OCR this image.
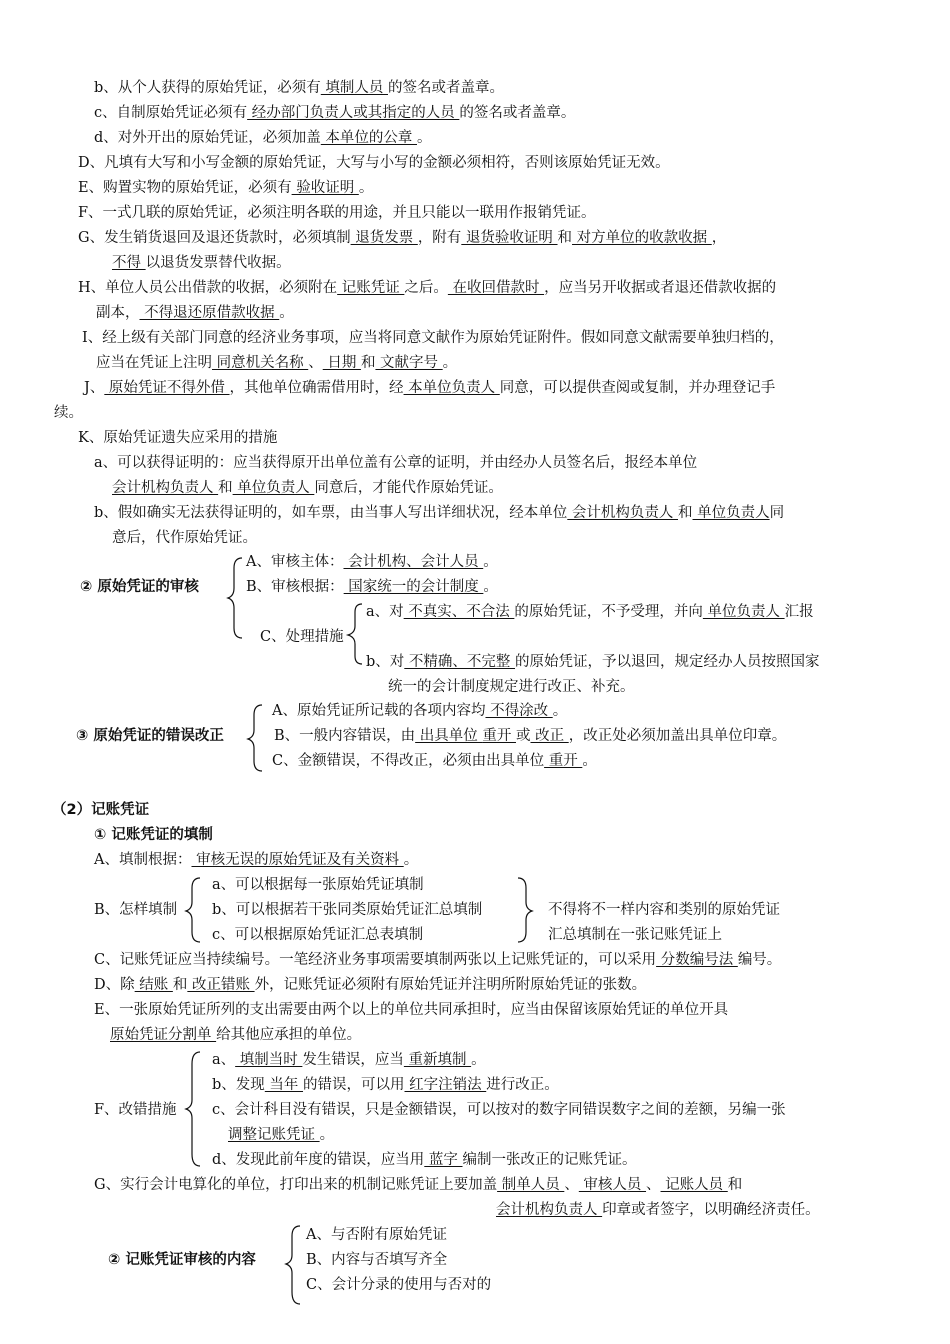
b、从个人获得的原始凭证，必须有 填制人员 的签名或者盖章。
c、自制原始凭证必须有 经办部门负责人或其指定的人员 的签名或者盖章。
d、对外开出的原始凭证，必须加盖 本单位的公章 。
D、凡填有大写和小写金额的原始凭证，大写与小写的金额必须相符，否则该原始凭证无效。
E、购置实物的原始凭证，必须有 验收证明 。
F、一式几联的原始凭证，必须注明各联的用途，并且只能以一联用作报销凭证。
G、发生销货退回及退还货款时，必须填制 退货发票 ，附有 退货验收证明 和 对方单位的收款收据 ，
不得 以退货发票替代收据。
H、单位人员公出借款的收据，必须附在 记账凭证 之后。 在收回借款时 ，应当另开收据或者退还借款收据的
副本， 不得退还原借款收据 。
I、经上级有关部门同意的经济业务事项，应当将同意文献作为原始凭证附件。假如同意文献需要单独归档的，
应当在凭证上注明 同意机关名称 、 日期 和 文献字号 。
J、 原始凭证不得外借 ，其他单位确需借用时，经 本单位负责人 同意，可以提供查阅或复制，并办理登记手
续。
K、原始凭证遗失应采用的措施
a、可以获得证明的：应当获得原开出单位盖有公章的证明，并由经办人员签名后，报经本单位
会计机构负责人 和 单位负责人 同意后，才能代作原始凭证。
b、假如确实无法获得证明的，如车票，由当事人写出详细状况，经本单位 会计机构负责人 和 单位负责人同
意后，代作原始凭证。
② 原始凭证的审核
A、审核主体： 会计机构、会计人员 。
B、审核根据： 国家统一的会计制度 。
C、处理措施
a、对 不真实、不合法 的原始凭证，不予受理，并向 单位负责人 汇报
b、对 不精确、不完整 的原始凭证，予以退回，规定经办人员按照国家
统一的会计制度规定进行改正、补充。
③ 原始凭证的错误改正
A、原始凭证所记载的各项内容均 不得涂改 。
B、一般内容错误，由 出具单位 重开 或 改正 ，改正处必须加盖出具单位印章。
C、金额错误，不得改正，必须由出具单位 重开 。
（2）记账凭证
① 记账凭证的填制
A、填制根据： 审核无误的原始凭证及有关资料 。
B、怎样填制
a、可以根据每一张原始凭证填制
b、可以根据若干张同类原始凭证汇总填制
c、可以根据原始凭证汇总表填制
不得将不一样内容和类别的原始凭证
汇总填制在一张记账凭证上
C、记账凭证应当持续编号。一笔经济业务事项需要填制两张以上记账凭证的，可以采用 分数编号法 编号。
D、除 结账 和 改正错账 外，记账凭证必须附有原始凭证并注明所附原始凭证的张数。
E、一张原始凭证所列的支出需要由两个以上的单位共同承担时，应当由保留该原始凭证的单位开具
原始凭证分割单 给其他应承担的单位。
F、改错措施
a、 填制当时 发生错误，应当 重新填制 。
b、发现 当年 的错误，可以用 红字注销法 进行改正。
c、会计科目没有错误，只是金额错误，可以按对的数字同错误数字之间的差额，另编一张
调整记账凭证 。
d、发现此前年度的错误，应当用 蓝字 编制一张改正的记账凭证。
G、实行会计电算化的单位，打印出来的机制记账凭证上要加盖 制单人员 、 审核人员 、 记账人员 和
会计机构负责人 印章或者签字，以明确经济责任。
② 记账凭证审核的内容
A、与否附有原始凭证
B、内容与否填写齐全
C、会计分录的使用与否对的
